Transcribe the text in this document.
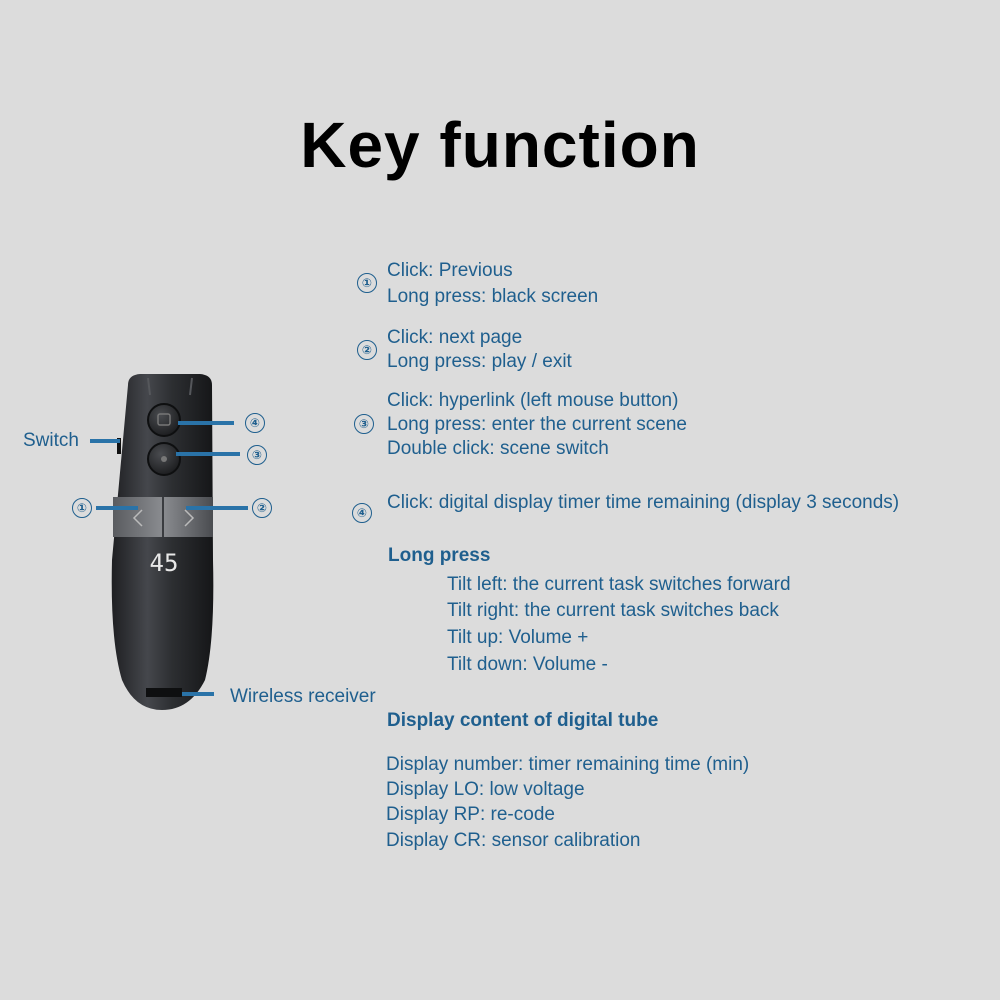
Key function
45
Switch
Wireless receiver
④
③
①	②
①
Click: Previous
Long press: black screen
②
Click: next page
Long press: play / exit
③
Click: hyperlink (left mouse button)
Long press: enter the current scene
Double click: scene switch
④ Click: digital display timer time remaining (display 3 seconds)
Long press
Tilt left: the current task switches forward
Tilt right: the current task switches back
Tilt up: Volume +
Tilt down: Volume -
Display content of digital tube
Display number: timer remaining time (min)
Display LO: low voltage
Display RP: re-code
Display CR: sensor calibration
